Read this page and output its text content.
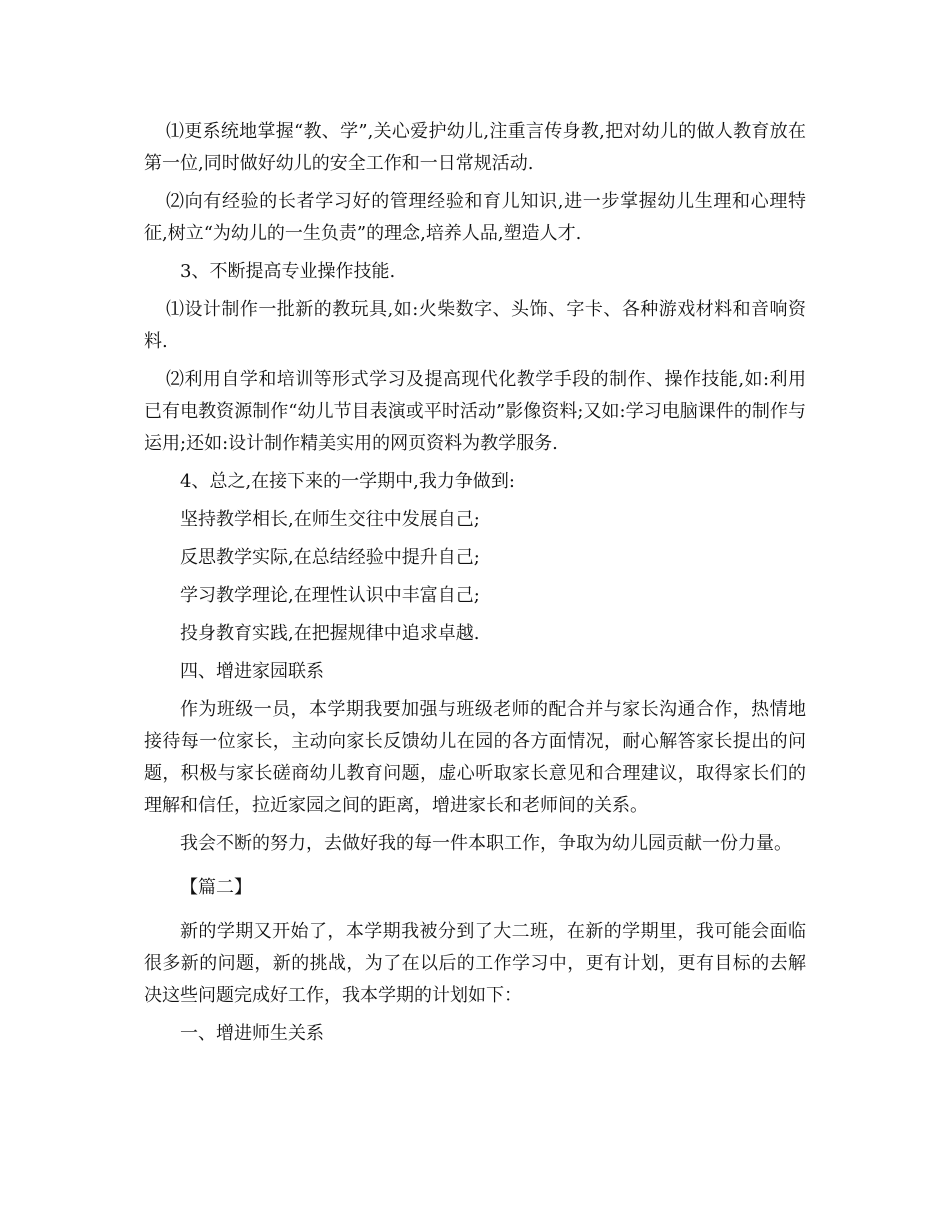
⑴更系统地掌握“教、学”,关心爱护幼儿,注重言传身教,把对幼儿的做人教育放在第一位,同时做好幼儿的安全工作和一日常规活动.

⑵向有经验的长者学习好的管理经验和育儿知识,进一步掌握幼儿生理和心理特征,树立“为幼儿的一生负责”的理念,培养人品,塑造人才.

3、不断提高专业操作技能.

⑴设计制作一批新的教玩具,如:火柴数字、头饰、字卡、各种游戏材料和音响资料.

⑵利用自学和培训等形式学习及提高现代化教学手段的制作、操作技能,如:利用已有电教资源制作“幼儿节目表演或平时活动”影像资料;又如:学习电脑课件的制作与运用;还如:设计制作精美实用的网页资料为教学服务.

4、总之,在接下来的一学期中,我力争做到:

坚持教学相长,在师生交往中发展自己;

反思教学实际,在总结经验中提升自己;

学习教学理论,在理性认识中丰富自己;

投身教育实践,在把握规律中追求卓越.

四、增进家园联系

作为班级一员，本学期我要加强与班级老师的配合并与家长沟通合作，热情地接待每一位家长，主动向家长反馈幼儿在园的各方面情况，耐心解答家长提出的问题，积极与家长磋商幼儿教育问题，虚心听取家长意见和合理建议，取得家长们的理解和信任，拉近家园之间的距离，增进家长和老师间的关系。

我会不断的努力，去做好我的每一件本职工作，争取为幼儿园贡献一份力量。

【篇二】

新的学期又开始了，本学期我被分到了大二班，在新的学期里，我可能会面临很多新的问题，新的挑战，为了在以后的工作学习中，更有计划，更有目标的去解决这些问题完成好工作，我本学期的计划如下：

一、增进师生关系
